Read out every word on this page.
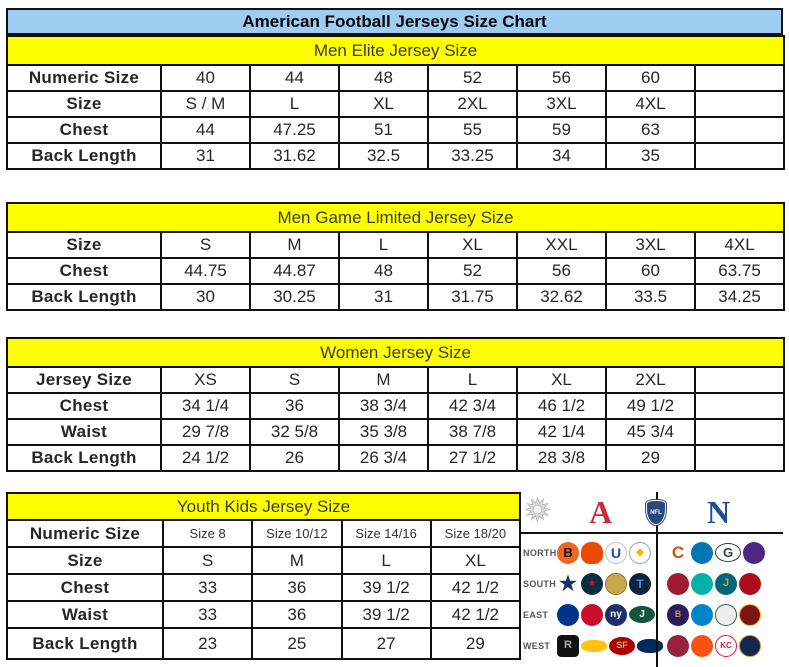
American Football Jerseys Size Chart
Men Elite Jersey Size							
Numeric Size	40	44	48	52	56	60	
Size	S / M	L	XL	2XL	3XL	4XL	
Chest	44	47.25	51	55	59	63	
Back Length	31	31.62	32.5	33.25	34	35	
Men Game Limited Jersey Size							
Size	S	M	L	XL	XXL	3XL	4XL
Chest	44.75	44.87	48	52	56	60	63.75
Back Length	30	30.25	31	31.75	32.62	33.5	34.25
Women Jersey Size							
Jersey Size	XS	S	M	L	XL	2XL	
Chest	34 1/4	36	38 3/4	42 3/4	46 1/2	49 1/2	
Waist	29 7/8	32 5/8	35 3/8	38 7/8	42 1/4	45 3/4	
Back Length	24 1/2	26	26 3/4	27 1/2	28 3/8	29	
Youth Kids Jersey Size				
Numeric Size	Size 8	Size 10/12	Size 14/16	Size 18/20
Size	S	M	L	XL
Chest	33	36	39 1/2	42 1/2
Waist	33	36	39 1/2	42 1/2
Back Length	23	25	27	29
A	NFL N
NORTH B	U	◆	C	G
SOUTH ★	★	T	J
EAST	ny	J	B
WEST	R	SF	KC
